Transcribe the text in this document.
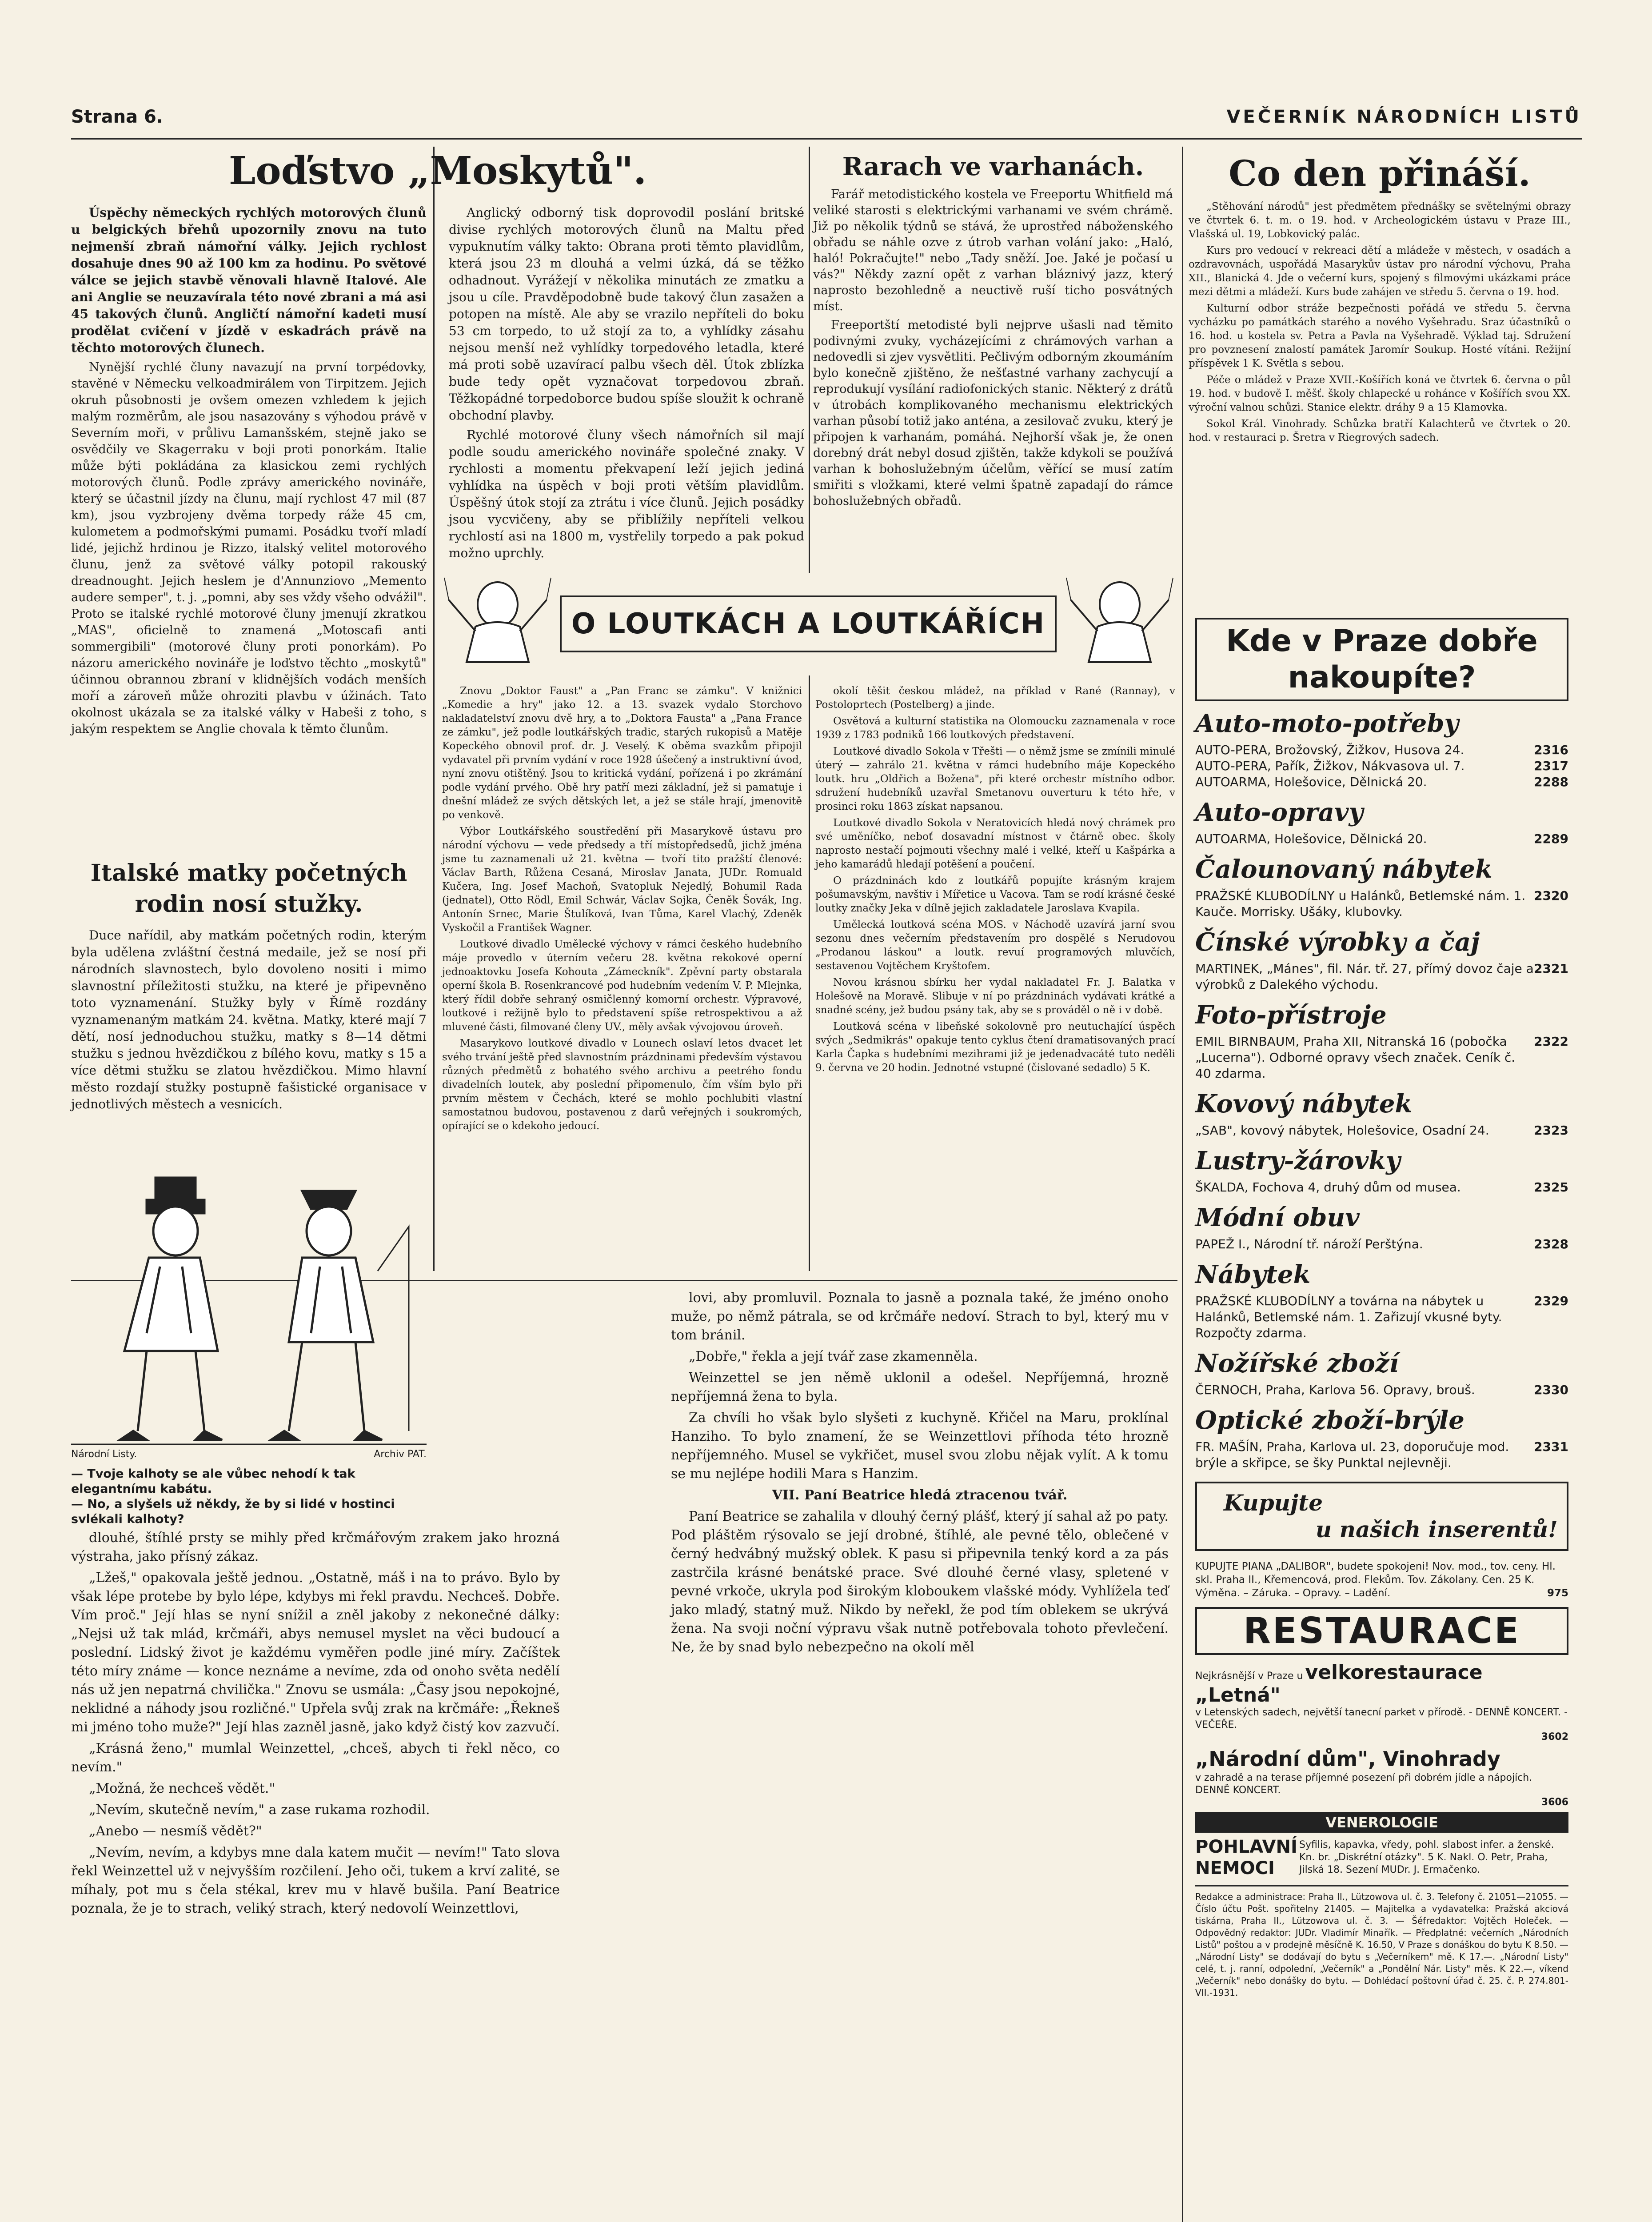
Strana 6.	VEČERNÍK NÁRODNÍCH LISTŮ
Loďstvo „Moskytů".

Úspěchy německých rychlých motorových člunů u belgických břehů upozornily znovu na tuto nejmenší zbraň námořní války. Jejich rychlost dosahuje dnes 90 až 100 km za hodinu. Po světové válce se jejich stavbě věnovali hlavně Italové. Ale ani Anglie se neuzavírala této nové zbrani a má asi 45 takových člunů. Angličtí námořní kadeti musí prodělat cvičení v jízdě v eskadrách právě na těchto motorových člunech.

Nynější rychlé čluny navazují na první torpédovky, stavěné v Německu velkoadmirálem von Tirpitzem. Jejich okruh působnosti je ovšem omezen vzhledem k jejich malým rozměrům, ale jsou nasazovány s výhodou právě v Severním moři, v průlivu Lamanšském, stejně jako se osvědčily ve Skagerraku v boji proti ponorkám. Italie může býti pokládána za klasickou zemi rychlých motorových člunů. Podle zprávy amerického novináře, který se účastnil jízdy na člunu, mají rychlost 47 mil (87 km), jsou vyzbrojeny dvěma torpedy ráže 45 cm, kulometem a podmořskými pumami. Posádku tvoří mladí lidé, jejichž hrdinou je Rizzo, italský velitel motorového člunu, jenž za světové války potopil rakouský dreadnought. Jejich heslem je d'Annunziovo „Memento audere semper", t. j. „pomni, aby ses vždy všeho odvážil". Proto se italské rychlé motorové čluny jmenují zkratkou „MAS", oficielně to znamená „Motoscafi anti sommergibili" (motorové čluny proti ponorkám). Po názoru amerického novináře je loďstvo těchto „moskytů" účinnou obrannou zbraní v klidnějších vodách menších moří a zároveň může ohroziti plavbu v úžinách. Tato okolnost ukázala se za italské války v Habeši z toho, s jakým respektem se Anglie chovala k těmto člunům.

Anglický odborný tisk doprovodil poslání britské divise rychlých motorových člunů na Maltu před vypuknutím války takto: Obrana proti těmto plavidlům, která jsou 23 m dlouhá a velmi úzká, dá se těžko odhadnout. Vyrážejí v několika minutách ze zmatku a jsou u cíle. Pravděpodobně bude takový člun zasažen a potopen na místě. Ale aby se vrazilo nepříteli do boku 53 cm torpedo, to už stojí za to, a vyhlídky zásahu nejsou menší než vyhlídky torpedového letadla, které má proti sobě uzavírací palbu všech děl. Útok zblízka bude tedy opět vyznačovat torpedovou zbraň. Těžkopádné torpedoborce budou spíše sloužit k ochraně obchodní plavby.

Rychlé motorové čluny všech námořních sil mají podle soudu amerického novináře společné znaky. V rychlosti a momentu překvapení leží jejich jediná vyhlídka na úspěch v boji proti větším plavidlům. Úspěšný útok stojí za ztrátu i více člunů. Jejich posádky jsou vycvičeny, aby se přiblížily nepříteli velkou rychlostí asi na 1800 m, vystřelily torpedo a pak pokud možno uprchly.

Italské matky početných rodin nosí stužky.

Duce nařídil, aby matkám početných rodin, kterým byla udělena zvláštní čestná medaile, jež se nosí při národních slavnostech, bylo dovoleno nositi i mimo slavnostní příležitosti stužku, na které je připevněno toto vyznamenání. Stužky byly v Římě rozdány vyznamenaným matkám 24. května. Matky, které mají 7 dětí, nosí jednoduchou stužku, matky s 8—14 dětmi stužku s jednou hvězdičkou z bílého kovu, matky s 15 a více dětmi stužku se zlatou hvězdičkou. Mimo hlavní město rozdají stužky postupně fašistické organisace v jednotlivých městech a vesnicích.

Národní Listy.	Archiv PAT.
— Tvoje kalhoty se ale vůbec nehodí k tak elegantnímu kabátu.
— No, a slyšels už někdy, že by si lidé v hostinci svlékali kalhoty?
Rarach ve varhanách.

Farář metodistického kostela ve Freeportu Whitfield má veliké starosti s elektrickými varhanami ve svém chrámě. Již po několik týdnů se stává, že uprostřed náboženského obřadu se náhle ozve z útrob varhan volání jako: „Haló, haló! Pokračujte!" nebo „Tady sněží. Joe. Jaké je počasí u vás?" Někdy zazní opět z varhan bláznivý jazz, který naprosto bezohledně a neuctivě ruší ticho posvátných míst.

Freeportští metodisté byli nejprve ušasli nad těmito podivnými zvuky, vycházejícími z chrámových varhan a nedovedli si zjev vysvětliti. Pečlivým odborným zkoumáním bylo konečně zjištěno, že nešťastné varhany zachycují a reprodukují vysílání radiofonických stanic. Některý z drátů v útrobách komplikovaného mechanismu elektrických varhan působí totiž jako anténa, a zesilovač zvuku, který je připojen k varhanám, pomáhá. Nejhorší však je, že onen dorebný drát nebyl dosud zjištěn, takže kdykoli se používá varhan k bohoslužebným účelům, věřící se musí zatím smiřiti s vložkami, které velmi špatně zapadají do rámce bohoslužebných obřadů.

Co den přináší.

„Stěhování národů" jest předmětem přednášky se světelnými obrazy ve čtvrtek 6. t. m. o 19. hod. v Archeologickém ústavu v Praze III., Vlašská ul. 19, Lobkovický palác.

Kurs pro vedoucí v rekreaci dětí a mládeže v městech, v osadách a ozdravovnách, uspořádá Masarykův ústav pro národní výchovu, Praha XII., Blanická 4. Jde o večerní kurs, spojený s filmovými ukázkami práce mezi dětmi a mládeží. Kurs bude zahájen ve středu 5. června o 19. hod.

Kulturní odbor stráže bezpečnosti pořádá ve středu 5. června vycházku po památkách starého a nového Vyšehradu. Sraz účastníků o 16. hod. u kostela sv. Petra a Pavla na Vyšehradě. Výklad taj. Sdružení pro povznesení znalostí památek Jaromír Soukup. Hosté vítáni. Režijní příspěvek 1 K. Světla s sebou.

Péče o mládež v Praze XVII.-Košířích koná ve čtvrtek 6. června o půl 19. hod. v budově I. měšť. školy chlapecké u rohánce v Košířích svou XX. výroční valnou schůzi. Stanice elektr. dráhy 9 a 15 Klamovka.

Sokol Král. Vinohrady. Schůzka bratří Kalachterů ve čtvrtek o 20. hod. v restauraci p. Šretra v Riegrových sadech.

O LOUTKÁCH A LOUTKÁŘÍCH

Znovu „Doktor Faust" a „Pan Franc se zámku". V knižnici „Komedie a hry" jako 12. a 13. svazek vydalo Storchovo nakladatelství znovu dvě hry, a to „Doktora Fausta" a „Pana Francе ze zámku", jež podle loutkářských tradic, starých rukopisů a Matěje Kopeckého obnovil prof. dr. J. Veselý. K oběma svazkům připojil vydavatel při prvním vydání v roce 1928 úšečený a instruktivní úvod, nyní znovu otištěný. Jsou to kritická vydání, pořízená i po zkrámání podle vydání prvého. Obě hry patří mezi základní, jež si pamatuje i dnešní mládež ze svých dětských let, a jež se stále hrají, jmenovitě po venkově.

Výbor Loutkářského soustředění při Masarykově ústavu pro národní výchovu — vede předsedy a tří místopředsedů, jichž jména jsme tu zaznamenali už 21. května — tvoří tito pražští členové: Václav Barth, Růžena Cesaná, Miroslav Janata, JUDr. Romuald Kučera, Ing. Josef Machoň, Svatopluk Nejedlý, Bohumil Rada (jednatel), Otto Rödl, Emil Schwár, Václav Sojka, Čeněk Šovák, Ing. Antonín Srnec, Marie Štulíková, Ivan Tůma, Karel Vlachý, Zdeněk Vyskočil a František Wagner.

Loutkové divadlo Umělecké výchovy v rámci českého hudebního máje provedlo v úterním večeru 28. května rekokové operní jednoaktovku Josefa Kohouta „Zámeckník". Zpěvní party obstarala operní škola B. Rosenkrancové pod hudebním vedením V. P. Mlejnka, který řídil dobře sehraný osmičlenný komorní orchestr. Výpravové, loutkové i režijně bylo to představení spíše retrospektivou a až mluvené části, filmované členy UV., měly avšak vývojovou úroveň.

Masarykovo loutkové divadlo v Lounech oslaví letos dvacet let svého trvání ještě před slavnostním prázdninami především výstavou různých předmětů z bohatého svého archivu a peetrého fondu divadelních loutek, aby poslední připomenulo, čím vším bylo při prvním městem v Čechách, které se mohlo pochlubiti vlastní samostatnou budovou, postavenou z darů veřejných i soukromých, opírající se o kdekoho jedoucí.

okolí těšit českou mládež, na příklad v Rané (Rannay), v Postoloprtech (Postelberg) a jinde.

Osvětová a kulturní statistika na Olomoucku zaznamenala v roce 1939 z 1783 podniků 166 loutkových představení.

Loutkové divadlo Sokola v Třešti — o němž jsme se zmínili minulé úterý — zahrálo 21. května v rámci hudebního máje Kopeckého loutk. hru „Oldřich a Božena", při které orchestr místního odbor. sdružení hudebníků uzavřal Smetanovu ouverturu k této hře, v prosinci roku 1863 získat napsanou.

Loutkové divadlo Sokola v Neratovicích hledá nový chrámek pro své uměníčko, neboť dosavadní místnost v čtárně obec. školy naprosto nestačí pojmouti všechny malé i velké, kteří u Kašpárka a jeho kamarádů hledají potěšení a poučení.

O prázdninách kdo z loutkářů popujíte krásným krajem pošumavským, navštiv i Mířetice u Vacova. Tam se rodí krásné české loutky značky Jeka v dílně jejich zakladatele Jaroslava Kvapila.

Umělecká loutková scéna MOS. v Náchodě uzavírá jarní svou sezonu dnes večerním představením pro dospělé s Nerudovou „Prodanou láskou" a loutk. revuí programových mluvčích, sestavenou Vojtěchem Kryštofem.

Novou krásnou sbírku her vydal nakladatel Fr. J. Balatka v Holešově na Moravě. Slibuje v ní po prázdninách vydávati krátké a snadné scény, jež budou psány tak, aby se s prováděl o ně i v době.

Loutková scéna v libeňské sokolovně pro neutuchající úspěch svých „Sedmikrás" opakuje tento cyklus čtení dramatisovaných prací Karla Čapka s hudebními mezihrami již je jedenadvacáté tuto neděli 9. června ve 20 hodin. Jednotné vstupné (čislované sedadlo) 5 K.

dlouhé, štíhlé prsty se mihly před krčmářovým zrakem jako hrozná výstraha, jako přísný zákaz.

„Lžeš," opakovala ještě jednou. „Ostatně, máš i na to právo. Bylo by však lépe protebe by bylo lépe, kdybys mi řekl pravdu. Nechceš. Dobře. Vím proč." Její hlas se nyní snížil a zněl jakoby z nekonečné dálky: „Nejsi už tak mlád, krčmáři, abys nemusel myslet na věci budoucí a poslední. Lidský život je každému vyměřen podle jiné míry. Začíštek této míry známe — konce neznáme a nevíme, zda od onoho světa nedělí nás už jen nepatrná chvilička." Znovu se usmála: „Časy jsou nepokojné, neklidné a náhody jsou rozličné." Upřela svůj zrak na krčmáře: „Řekneš mi jméno toho muže?" Její hlas zazněl jasně, jako když čistý kov zazvučí.

„Krásná ženo," mumlal Weinzettel, „chceš, abych ti řekl něco, co nevím."

„Možná, že nechceš vědět."

„Nevím, skutečně nevím," a zase rukama rozhodil.

„Anebo — nesmíš vědět?"

„Nevím, nevím, a kdybys mne dala katem mučit — nevím!" Tato slova řekl Weinzettel už v nejvyšším rozčilení. Jeho oči, tukem a krví zalité, se míhaly, pot mu s čela stékal, krev mu v hlavě bušila. Paní Beatrice poznala, že je to strach, veliký strach, který nedovolí Weinzettlovi,

lovi, aby promluvil. Poznala to jasně a poznala také, že jméno onoho muže, po němž pátrala, se od krčmáře nedoví. Strach to byl, který mu v tom bránil.

„Dobře," řekla a její tvář zase zkamenněla.

Weinzettel se jen němě uklonil a odešel. Nepříjemná, hrozně nepříjemná žena to byla.

Za chvíli ho však bylo slyšeti z kuchyně. Křičel na Maru, proklínal Hanziho. To bylo znamení, že se Weinzettlovi příhoda této hrozně nepříjemného. Musel se vykřičet, musel svou zlobu nějak vylít. A k tomu se mu nejlépe hodili Mara s Hanzim.

VII. Paní Beatrice hledá ztracenou tvář.

Paní Beatrice se zahalila v dlouhý černý plášť, který jí sahal až po paty. Pod pláštěm rýsovalo se její drobné, štíhlé, ale pevné tělo, oblečené v černý hedvábný mužský oblek. K pasu si připevnila tenký kord a za pás zastrčila krásné benátské prace. Své dlouhé černé vlasy, spletené v pevné vrkoče, ukryla pod širokým kloboukem vlašské módy. Vyhlížela teď jako mladý, statný muž. Nikdo by neřekl, že pod tím oblekem se ukrývá žena. Na svoji noční výpravu však nutně potřebovala tohoto převlečení. Ne, že by snad bylo nebezpečno na okolí měl

Kde v Praze dobře nakoupíte?
Auto-moto-potřeby
AUTO-PERA, Brožovský, Žižkov, Husova 24.	2316
AUTO-PERA, Pařík, Žižkov, Nákvasova ul. 7.	2317
AUTOARMA, Holešovice, Dělnická 20.	2288
Auto-opravy
AUTOARMA, Holešovice, Dělnická 20.	2289
Čalounovaný nábytek
PRAŽSKÉ KLUBODÍLNY u Halánků, Betlemské nám. 1. Kauče. Morrisky. Ušáky, klubovky.
2320
Čínské výrobky a čaj
MARTINEK, „Mánes", fil. Nár. tř. 27, přímý dovoz čaje a výrobků z Dalekého východu.
2321
Foto-přístroje
EMIL BIRNBAUM, Praha XII, Nitranská 16 (pobočka „Lucerna"). Odborné opravy všech značek. Ceník č. 40 zdarma.
2322
Kovový nábytek
„SAB", kovový nábytek, Holešovice, Osadní 24.	2323
Lustry-žárovky
ŠKALDA, Fochova 4, druhý dům od musea.	2325
Módní obuv
PAPEŽ I., Národní tř. nároží Perštýna.	2328
Nábytek
PRAŽSKÉ KLUBODÍLNY a továrna na nábytek u Halánků, Betlemské nám. 1. Zařizují vkusné byty. Rozpočty zdarma.
2329
Nožířské zboží
ČERNOCH, Praha, Karlova 56. Opravy, brouš.	2330
Optické zboží-brýle
FR. MAŠÍN, Praha, Karlova ul. 23, doporučuje mod. brýle a skřipce, se šky Punktal nejlevněji.
2331
Kupujte
u našich inserentů!
KUPUJTE PIANA „DALIBOR", budete spokojeni! Nov. mod., tov. ceny. Hl. skl. Praha II., Křemencová, prod. Flekům. Tov. Zákolany. Cen. 25 K. Výměna. – Záruka. – Opravy. – Ladění.	975
RESTAURACE
Nejkrásnější v Praze u velkorestaurace „Letná"
v Letenských sadech, největší tanecní parket v přírodě. - DENNĚ KONCERT. - VEČEŘE.
3602
„Národní dům", Vinohrady
v zahradě a na terase příjemné posezení při dobrém jídle a nápojích. DENNĚ KONCERT.
3606
VENEROLOGIE
POHLAVNÍ NEMOCI
Syfilis, kapavka, vředy, pohl. slabost infer. a ženské. Kn. br. „Diskrétní otázky". 5 K. Nakl. O. Petr, Praha, Jilská 18. Sezení MUDr. J. Ermačenko.
Redakce a administrace: Praha II., Lützowova ul. č. 3. Telefony č. 21051—21055. — Číslo účtu Pošt. spořitelny 21405. — Majitelka a vydavatelka: Pražská akciová tiskárna, Praha II., Lützowova ul. č. 3. — Šéfredaktor: Vojtěch Holeček. — Odpovědný redaktor: JUDr. Vladimír Minařík. — Předplatné: večerních „Národních Listů" poštou a v prodejně měsíčně K. 16.50, V Praze s donáškou do bytu K 8.50. — „Národní Listy" se dodávají do bytu s „Večerníkem" mě. K 17.—. „Národní Listy" celé, t. j. ranní, odpolední, „Večerník" a „Pondělní Nár. Listy" měs. K 22.—, víkend „Večerník" nebo donášky do bytu. — Dohlédací poštovní úřad č. 25. č. P. 274.801-VII.-1931.
